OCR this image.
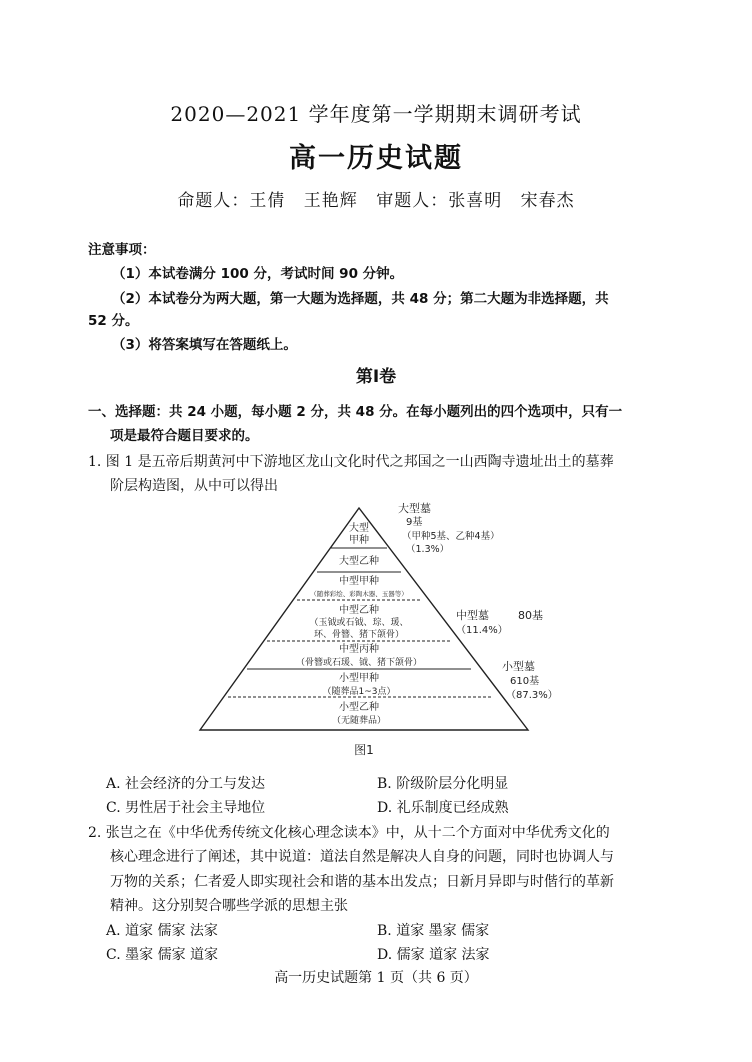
2020—2021 学年度第一学期期末调研考试
高一历史试题
命题人：王倩 王艳辉 审题人：张喜明 宋春杰
注意事项：
（1）本试卷满分 100 分，考试时间 90 分钟。
（2）本试卷分为两大题，第一大题为选择题，共 48 分；第二大题为非选择题，共
52 分。
（3）将答案填写在答题纸上。
第Ⅰ卷
一、选择题：共 24 小题，每小题 2 分，共 48 分。在每小题列出的四个选项中，只有一
项是最符合题目要求的。
1. 图 1 是五帝后期黄河中下游地区龙山文化时代之邦国之一山西陶寺遗址出土的墓葬
阶层构造图，从中可以得出
大型
甲种
大型乙种
中型甲种
（随葬彩绘、彩陶木器、玉器等）
中型乙种
（玉钺或石钺、琮、瑗、
环、骨簪、猪下颌骨）
中型丙种
（骨簪或石瑗、钺、猪下颌骨）
小型甲种
（随葬品1~3点）
小型乙种
（无随葬品）
大型墓
9基
（甲种5基、乙种4基）
（1.3%）
中型墓	80基
（11.4%）
小型墓
610基
（87.3%）
图1
A. 社会经济的分工与发达	B. 阶级阶层分化明显
C. 男性居于社会主导地位	D. 礼乐制度已经成熟
2. 张岂之在《中华优秀传统文化核心理念读本》中，从十二个方面对中华优秀文化的
核心理念进行了阐述，其中说道：道法自然是解决人自身的问题，同时也协调人与
万物的关系；仁者爱人即实现社会和谐的基本出发点；日新月异即与时偕行的革新
精神。这分别契合哪些学派的思想主张
A. 道家 儒家 法家	B. 道家 墨家 儒家
C. 墨家 儒家 道家	D. 儒家 道家 法家
高一历史试题第 1 页（共 6 页）
